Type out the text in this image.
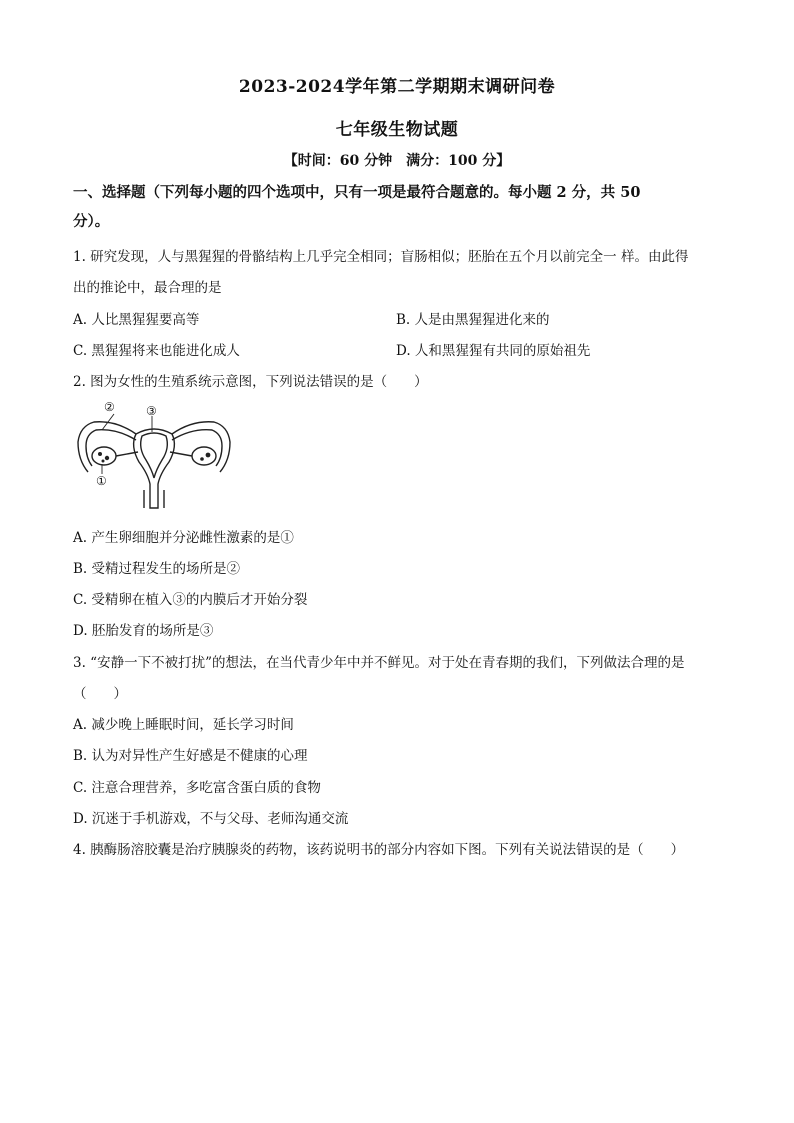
2023-2024学年第二学期期末调研问卷
七年级生物试题
【时间：60 分钟　满分：100 分】
一、选择题（下列每小题的四个选项中，只有一项是最符合题意的。每小题 2 分，共 50
分）。
1. 研究发现，人与黑猩猩的骨骼结构上几乎完全相同；盲肠相似；胚胎在五个月以前完全一 样。由此得
出的推论中，最合理的是
A. 人比黑猩猩要高等	B. 人是由黑猩猩进化来的
C. 黑猩猩将来也能进化成人	D. 人和黑猩猩有共同的原始祖先
2. 图为女性的生殖系统示意图，下列说法错误的是（　　）
②	③
①
A. 产生卵细胞并分泌雌性激素的是①
B. 受精过程发生的场所是②
C. 受精卵在植入③的内膜后才开始分裂
D. 胚胎发育的场所是③
3. “安静一下不被打扰”的想法，在当代青少年中并不鲜见。对于处在青春期的我们，下列做法合理的是
（　　）
A. 减少晚上睡眠时间，延长学习时间
B. 认为对异性产生好感是不健康的心理
C. 注意合理营养，多吃富含蛋白质的食物
D. 沉迷于手机游戏，不与父母、老师沟通交流
4. 胰酶肠溶胶囊是治疗胰腺炎的药物，该药说明书的部分内容如下图。下列有关说法错误的是（　　）
